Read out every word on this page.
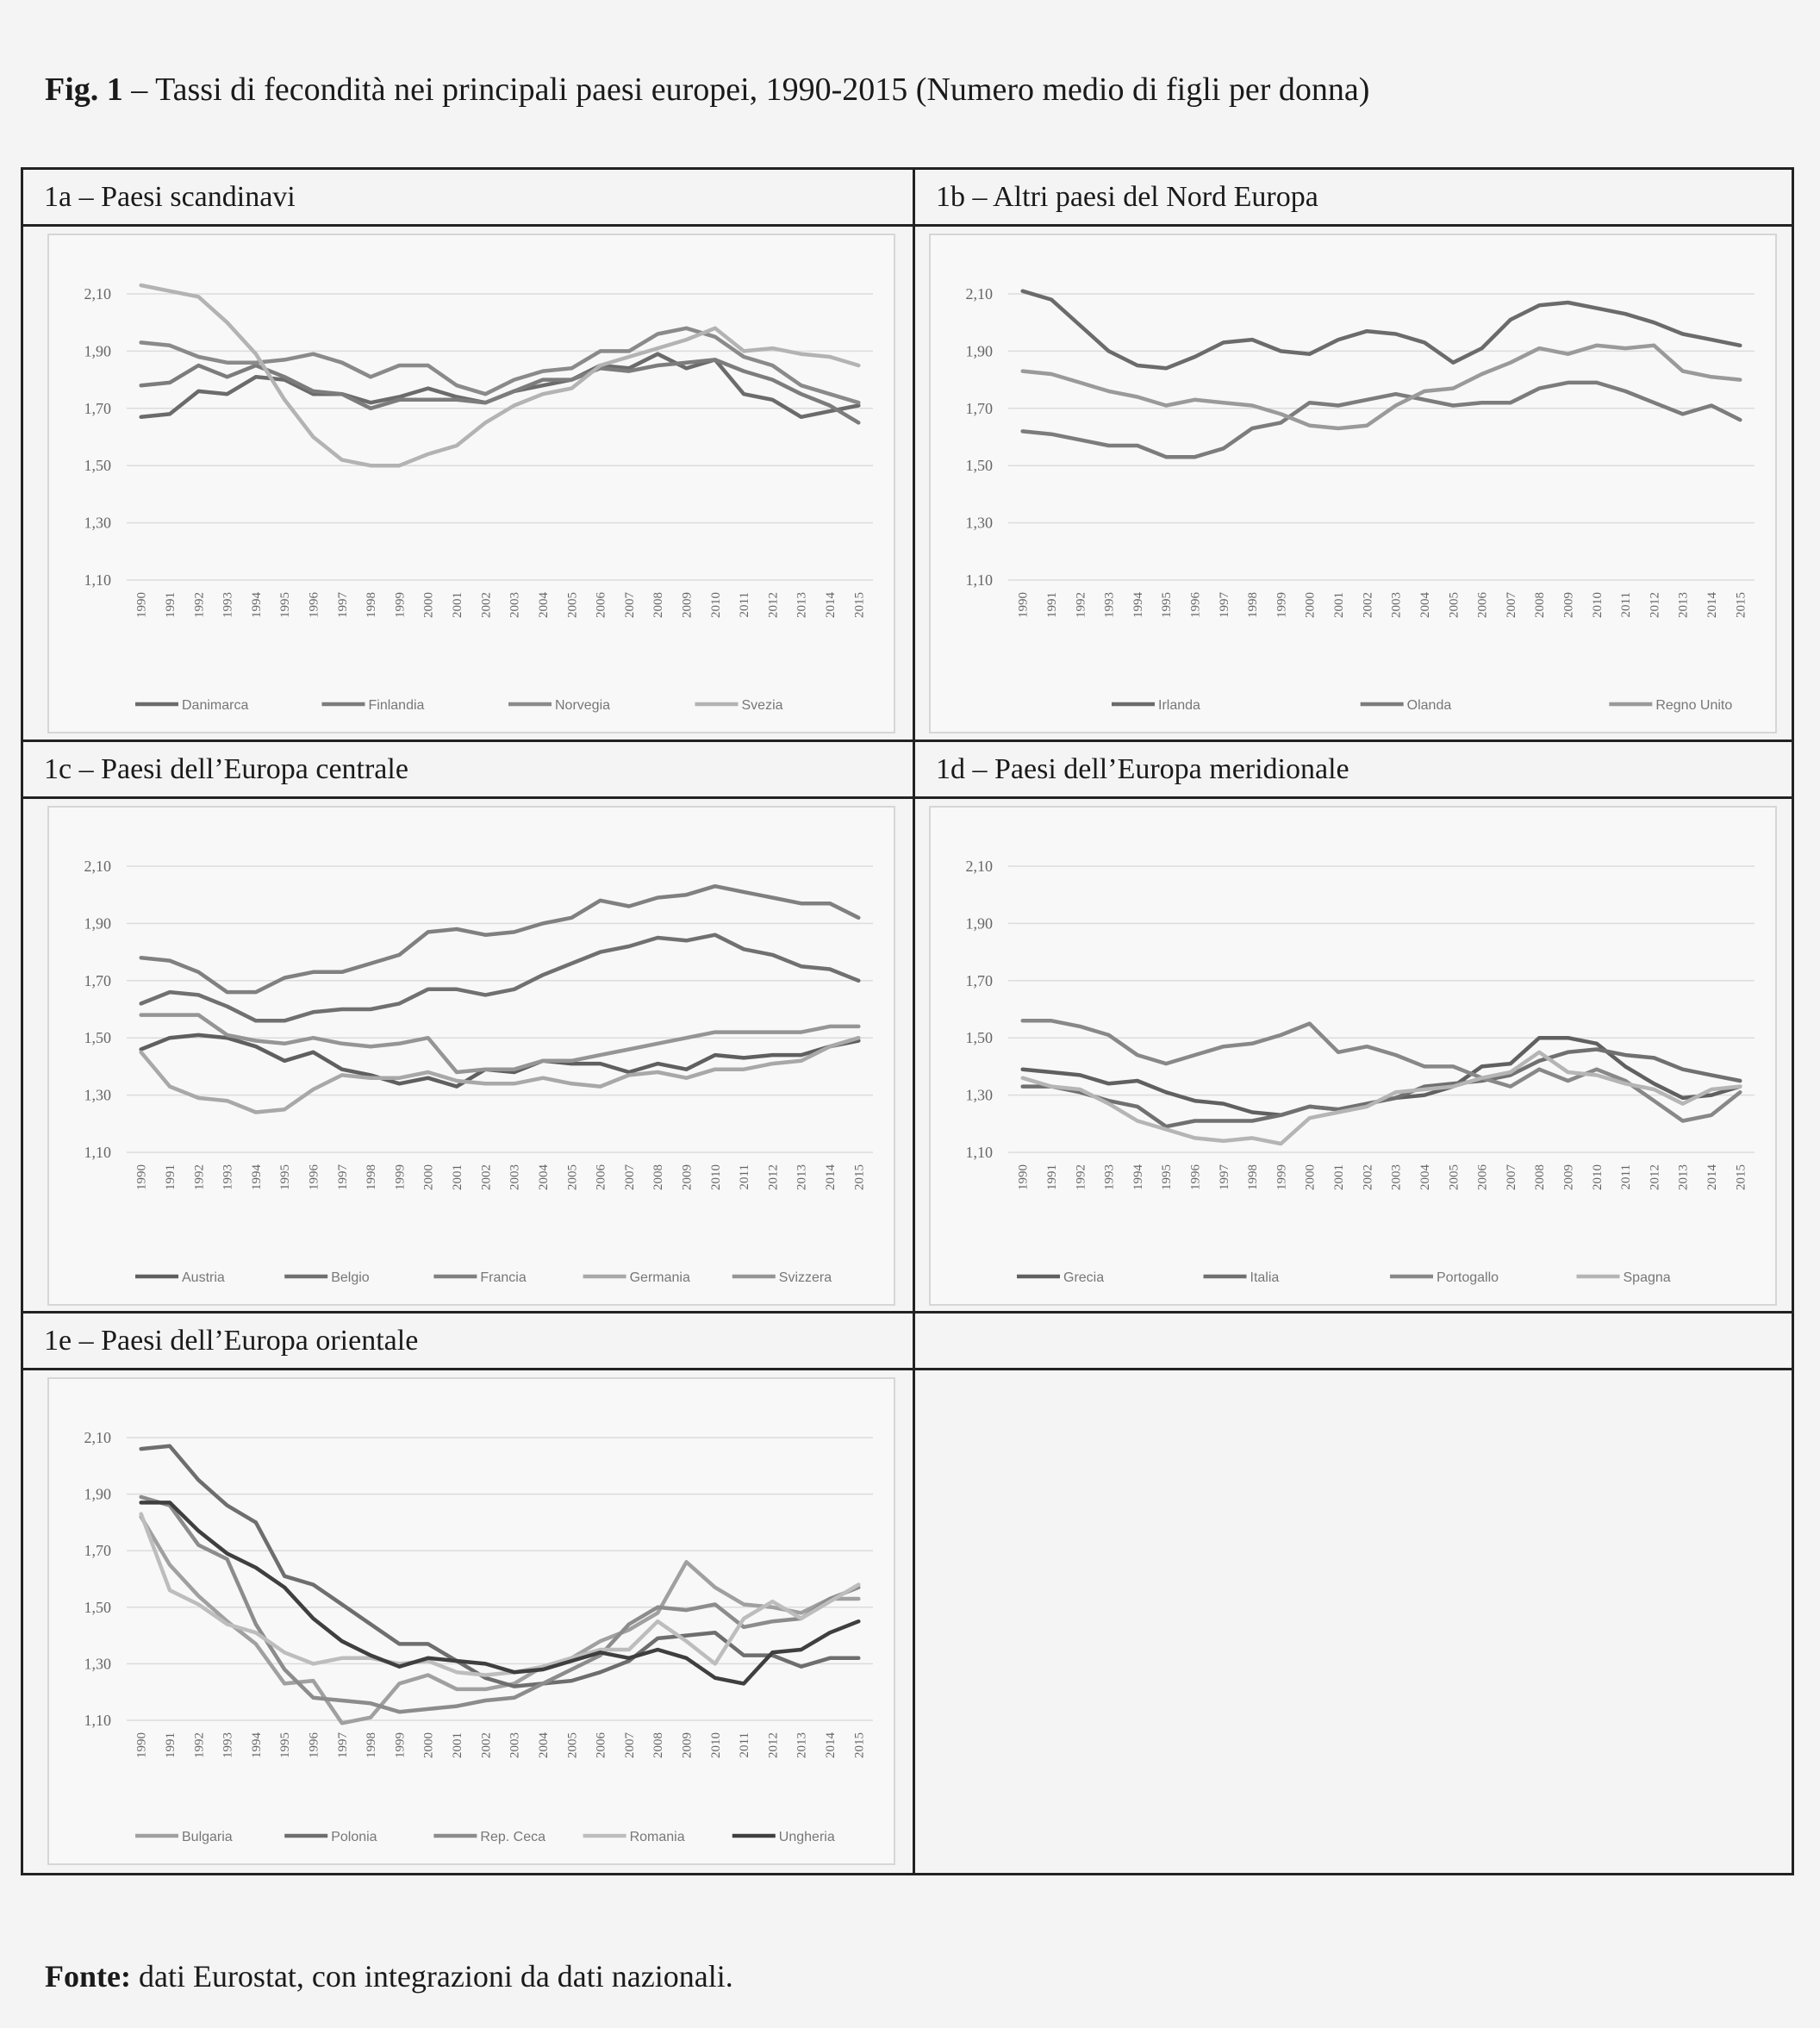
Fig. 1 – Tassi di fecondità nei principali paesi europei, 1990-2015 (Numero medio di figli per donna)
1a – Paesi scandinavi
1,10
1,30
1,50
1,70
1,90
2,10
1990 1991 1992 1993 1994 1995 1996 1997 1998 1999 2000 2001 2002 2003 2004 2005 2006 2007 2008 2009 2010 2011 2012 2013 2014 2015
Danimarca	Finlandia	Norvegia	Svezia
1b – Altri paesi del Nord Europa
1,10
1,30
1,50
1,70
1,90
2,10
1990 1991 1992 1993 1994 1995 1996 1997 1998 1999 2000 2001 2002 2003 2004 2005 2006 2007 2008 2009 2010 2011 2012 2013 2014 2015
Irlanda	Olanda	Regno Unito
1c – Paesi dell’Europa centrale
1,10
1,30
1,50
1,70
1,90
2,10
1990 1991 1992 1993 1994 1995 1996 1997 1998 1999 2000 2001 2002 2003 2004 2005 2006 2007 2008 2009 2010 2011 2012 2013 2014 2015
Austria	Belgio	Francia	Germania	Svizzera
1d – Paesi dell’Europa meridionale
1,10
1,30
1,50
1,70
1,90
2,10
1990 1991 1992 1993 1994 1995 1996 1997 1998 1999 2000 2001 2002 2003 2004 2005 2006 2007 2008 2009 2010 2011 2012 2013 2014 2015
Grecia	Italia	Portogallo	Spagna
1e – Paesi dell’Europa orientale
1,10
1,30
1,50
1,70
1,90
2,10
1990 1991 1992 1993 1994 1995 1996 1997 1998 1999 2000 2001 2002 2003 2004 2005 2006 2007 2008 2009 2010 2011 2012 2013 2014 2015
Bulgaria	Polonia	Rep. Ceca	Romania	Ungheria
Fonte: dati Eurostat, con integrazioni da dati nazionali.
